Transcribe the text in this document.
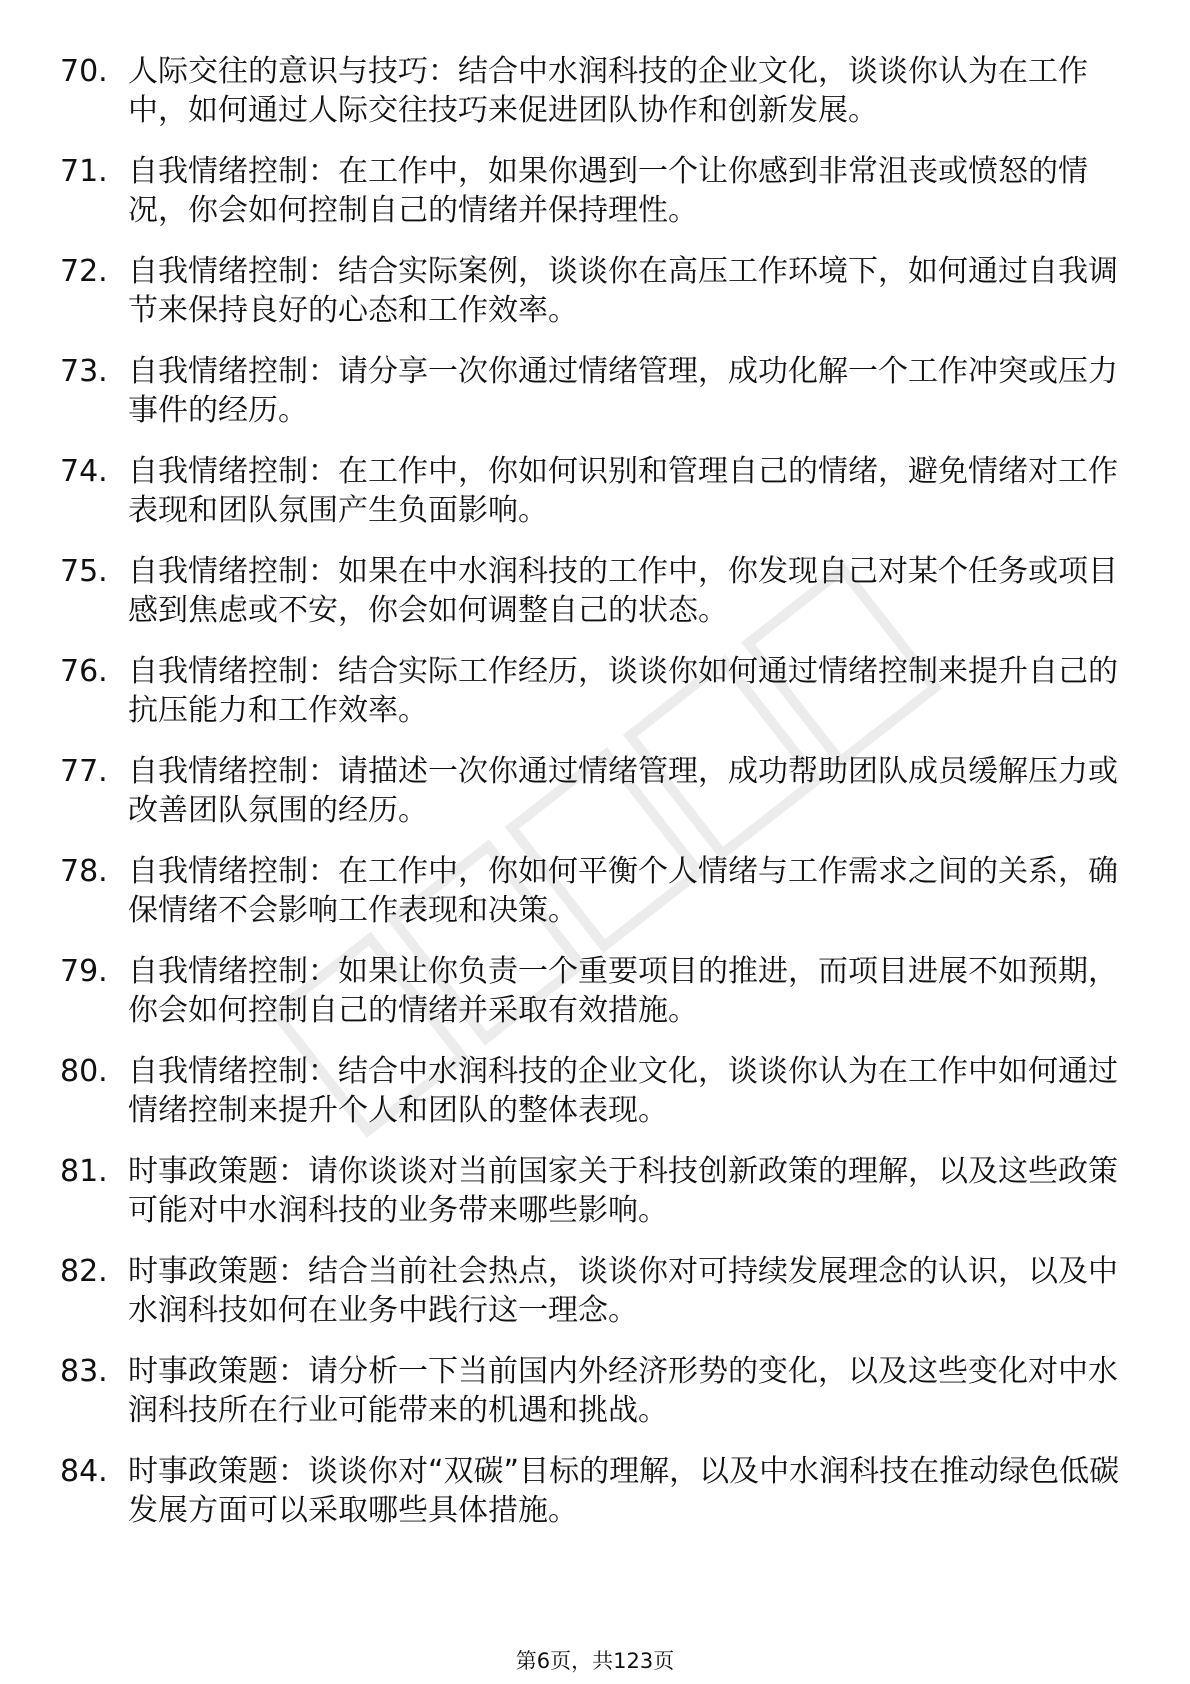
70. 人际交往的意识与技巧：结合中水润科技的企业文化，谈谈你认为在工作中，如何通过人际交往技巧来促进团队协作和创新发展。
71. 自我情绪控制：在工作中，如果你遇到一个让你感到非常沮丧或愤怒的情况，你会如何控制自己的情绪并保持理性。
72. 自我情绪控制：结合实际案例，谈谈你在高压工作环境下，如何通过自我调节来保持良好的心态和工作效率。
73. 自我情绪控制：请分享一次你通过情绪管理，成功化解一个工作冲突或压力事件的经历。
74. 自我情绪控制：在工作中，你如何识别和管理自己的情绪，避免情绪对工作表现和团队氛围产生负面影响。
75. 自我情绪控制：如果在中水润科技的工作中，你发现自己对某个任务或项目感到焦虑或不安，你会如何调整自己的状态。
76. 自我情绪控制：结合实际工作经历，谈谈你如何通过情绪控制来提升自己的抗压能力和工作效率。
77. 自我情绪控制：请描述一次你通过情绪管理，成功帮助团队成员缓解压力或改善团队氛围的经历。
78. 自我情绪控制：在工作中，你如何平衡个人情绪与工作需求之间的关系，确保情绪不会影响工作表现和决策。
79. 自我情绪控制：如果让你负责一个重要项目的推进，而项目进展不如预期，你会如何控制自己的情绪并采取有效措施。
80. 自我情绪控制：结合中水润科技的企业文化，谈谈你认为在工作中如何通过情绪控制来提升个人和团队的整体表现。
81. 时事政策题：请你谈谈对当前国家关于科技创新政策的理解，以及这些政策可能对中水润科技的业务带来哪些影响。
82. 时事政策题：结合当前社会热点，谈谈你对可持续发展理念的认识，以及中水润科技如何在业务中践行这一理念。
83. 时事政策题：请分析一下当前国内外经济形势的变化，以及这些变化对中水润科技所在行业可能带来的机遇和挑战。
84. 时事政策题：谈谈你对“双碳”目标的理解，以及中水润科技在推动绿色低碳发展方面可以采取哪些具体措施。
第6页，共123页
